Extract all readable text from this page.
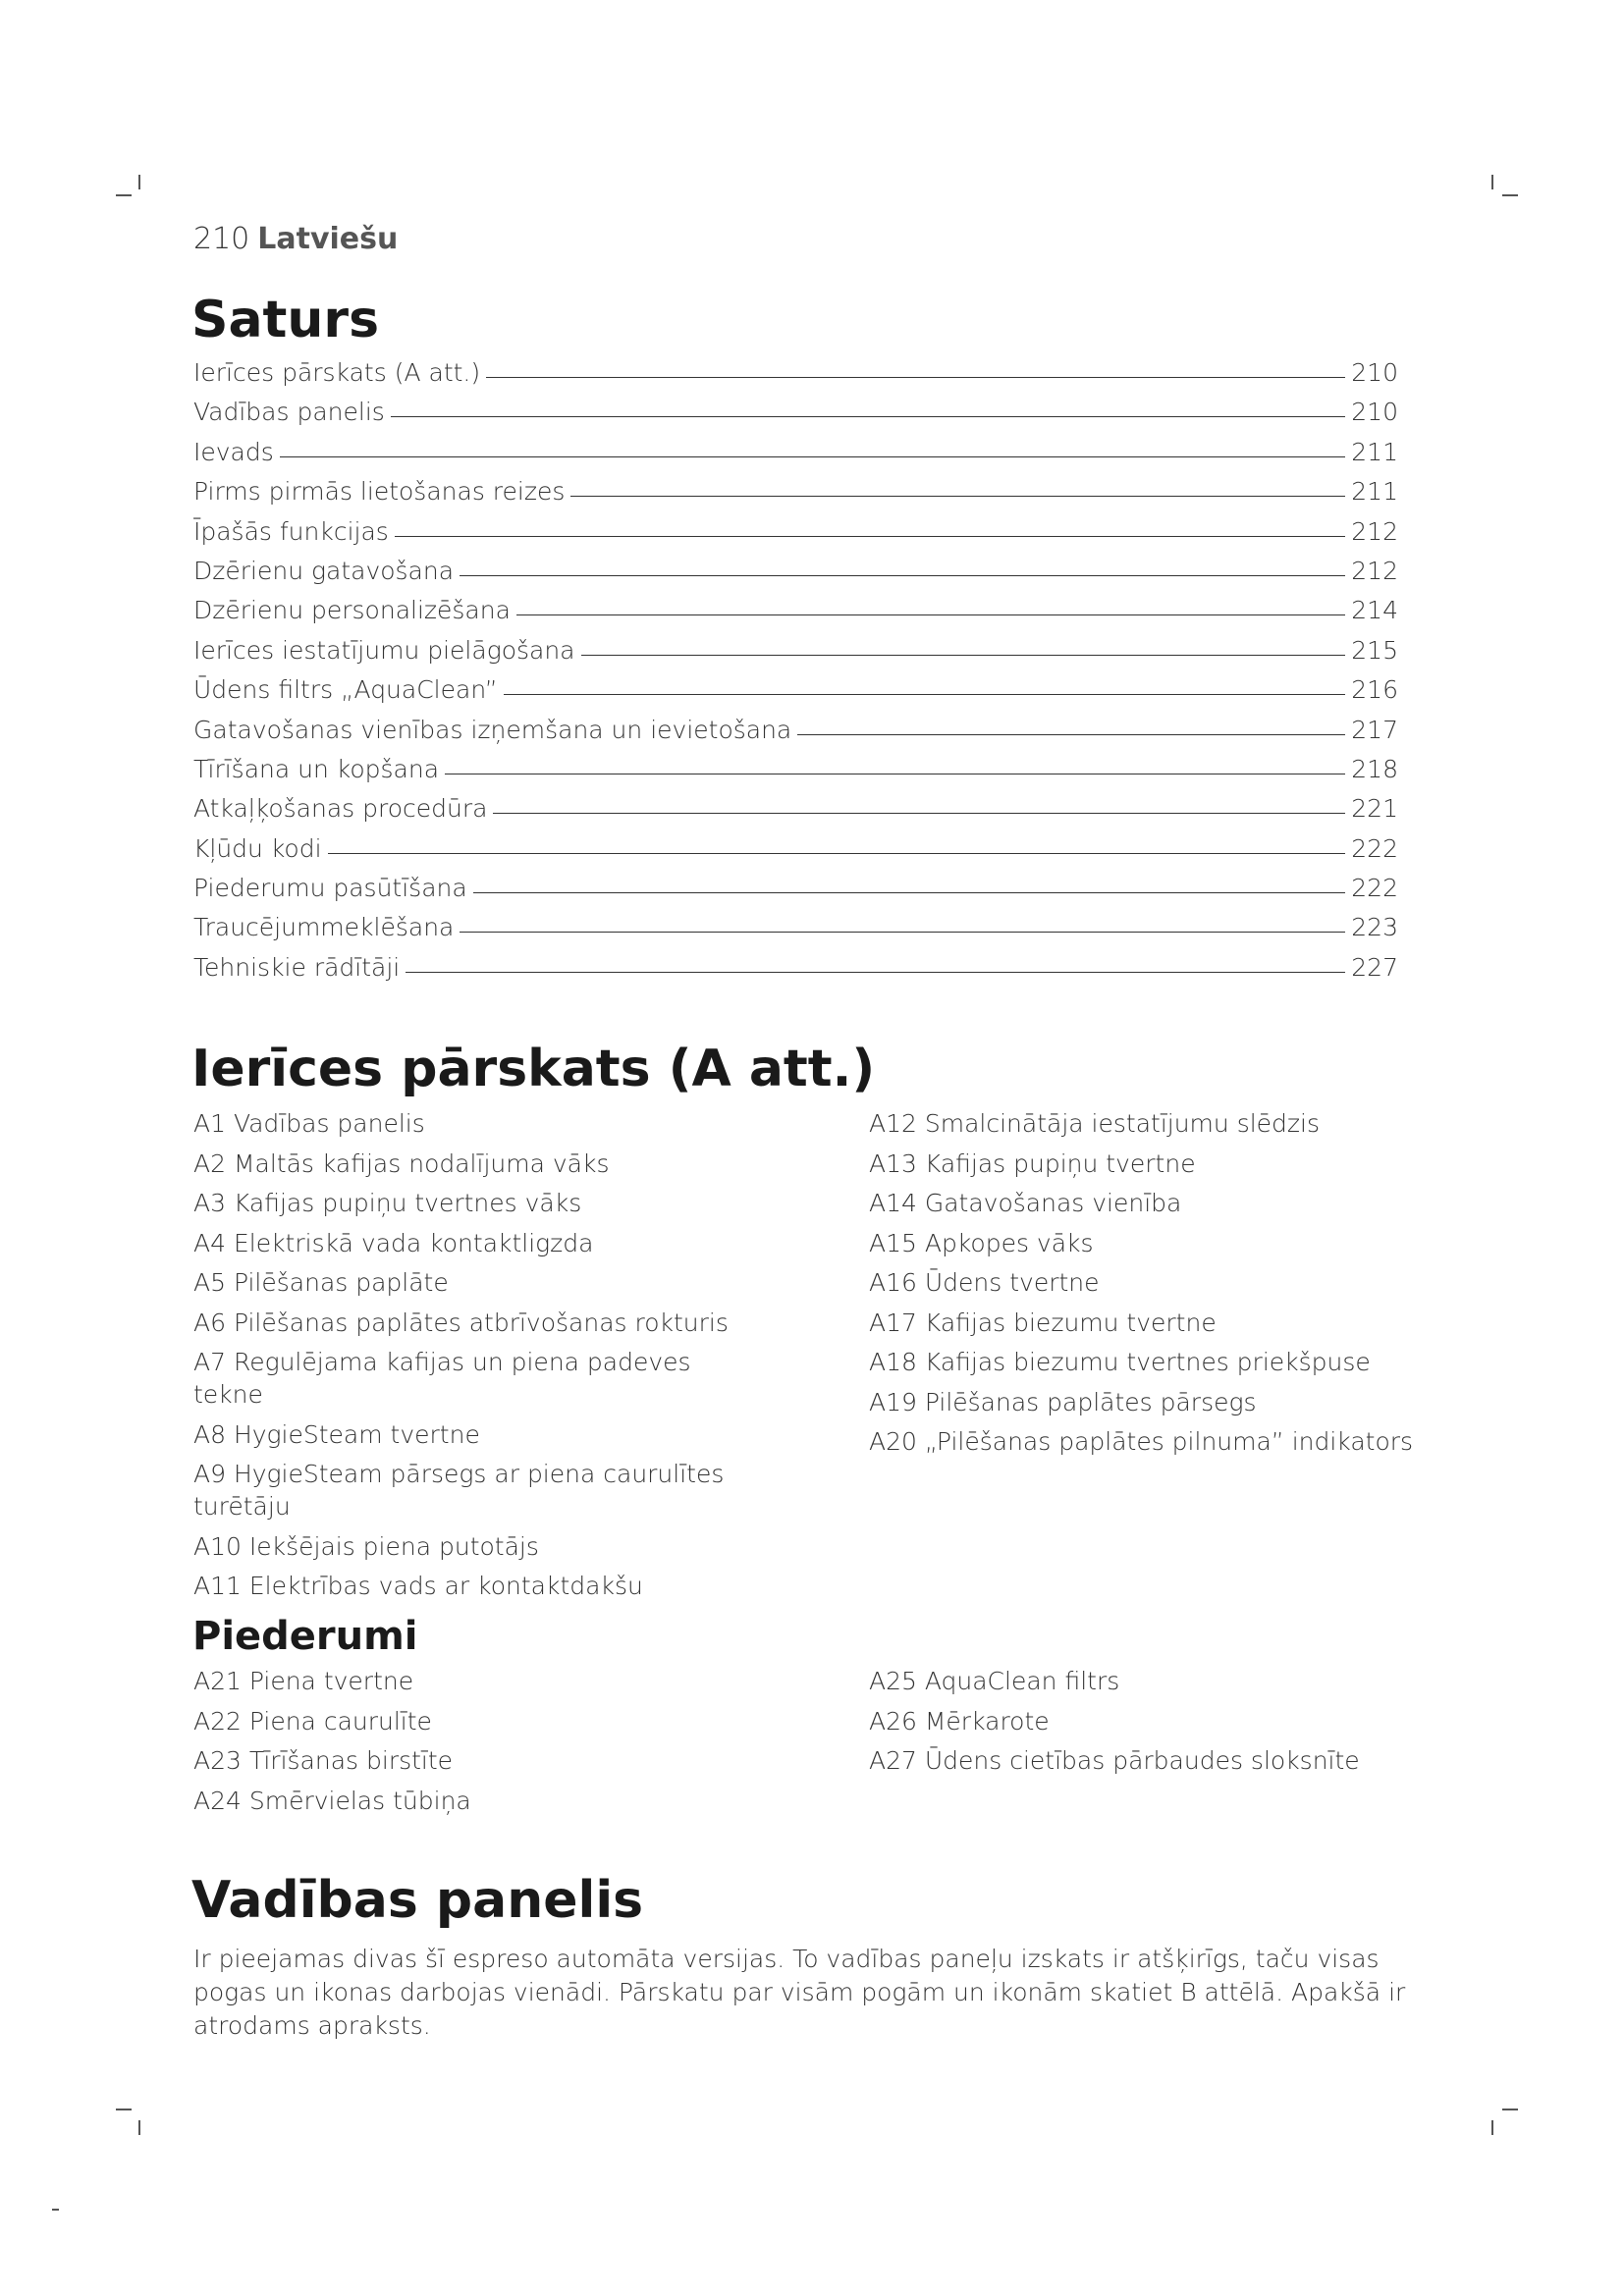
210 Latviešu
Saturs
Ierīces pārskats (A att.)	210
Vadības panelis	210
Ievads	211
Pirms pirmās lietošanas reizes	211
Īpašās funkcijas	212
Dzērienu gatavošana	212
Dzērienu personalizēšana	214
Ierīces iestatījumu pielāgošana	215
Ūdens filtrs „AquaClean”	216
Gatavošanas vienības izņemšana un ievietošana	217
Tīrīšana un kopšana	218
Atkaļķošanas procedūra	221
Kļūdu kodi	222
Piederumu pasūtīšana	222
Traucējummeklēšana	223
Tehniskie rādītāji	227
Ierīces pārskats (A att.)
A1 Vadības panelis
A2 Maltās kafijas nodalījuma vāks
A3 Kafijas pupiņu tvertnes vāks
A4 Elektriskā vada kontaktligzda
A5 Pilēšanas paplāte
A6 Pilēšanas paplātes atbrīvošanas rokturis
A7 Regulējama kafijas un piena padeves tekne
A8 HygieSteam tvertne
A9 HygieSteam pārsegs ar piena caurulītes turētāju
A10 Iekšējais piena putotājs
A11 Elektrības vads ar kontaktdakšu
A12 Smalcinātāja iestatījumu slēdzis
A13 Kafijas pupiņu tvertne
A14 Gatavošanas vienība
A15 Apkopes vāks
A16 Ūdens tvertne
A17 Kafijas biezumu tvertne
A18 Kafijas biezumu tvertnes priekšpuse
A19 Pilēšanas paplātes pārsegs
A20 „Pilēšanas paplātes pilnuma” indikators
Piederumi
A21 Piena tvertne
A22 Piena caurulīte
A23 Tīrīšanas birstīte
A24 Smērvielas tūbiņa
A25 AquaClean filtrs
A26 Mērkarote
A27 Ūdens cietības pārbaudes sloksnīte
Vadības panelis

Ir pieejamas divas šī espreso automāta versijas. To vadības paneļu izskats ir atšķirīgs, taču visas pogas un ikonas darbojas vienādi. Pārskatu par visām pogām un ikonām skatiet B attēlā. Apakšā ir atrodams apraksts.
